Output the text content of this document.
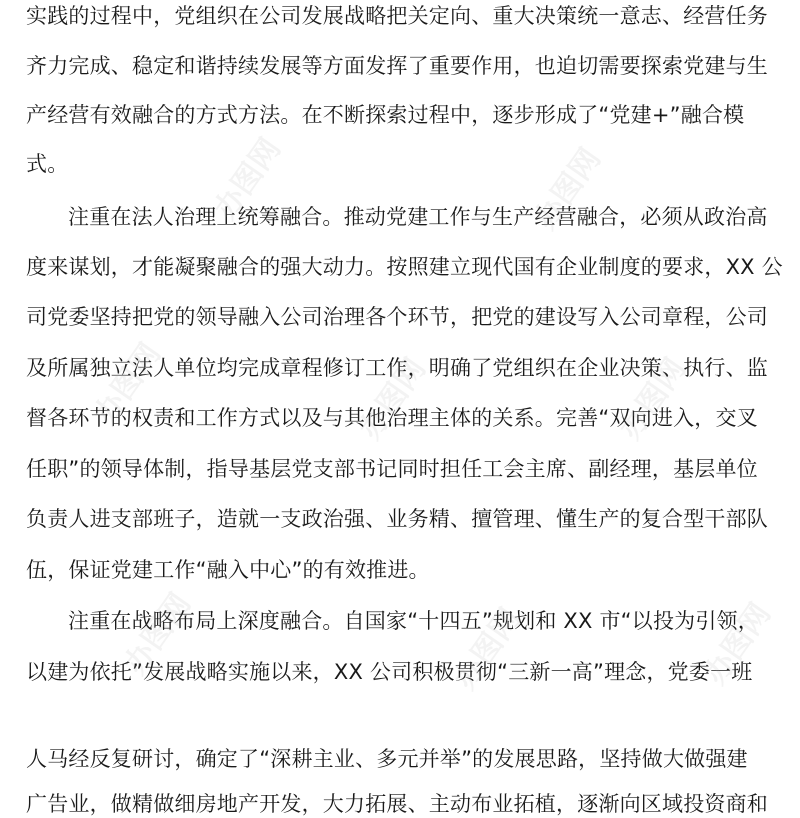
实践的过程中，党组织在公司发展战略把关定向、重大决策统一意志、经营任务
齐力完成、稳定和谐持续发展等方面发挥了重要作用，也迫切需要探索党建与生
产经营有效融合的方式方法。在不断探索过程中，逐步形成了“党建+”融合模
式。
注重在法人治理上统筹融合。推动党建工作与生产经营融合，必须从政治高
度来谋划，才能凝聚融合的强大动力。按照建立现代国有企业制度的要求，XX 公
司党委坚持把党的领导融入公司治理各个环节，把党的建设写入公司章程，公司
及所属独立法人单位均完成章程修订工作，明确了党组织在企业决策、执行、监
督各环节的权责和工作方式以及与其他治理主体的关系。完善“双向进入，交叉
任职”的领导体制，指导基层党支部书记同时担任工会主席、副经理，基层单位
负责人进支部班子，造就一支政治强、业务精、擅管理、懂生产的复合型干部队
伍，保证党建工作“融入中心”的有效推进。
注重在战略布局上深度融合。自国家“十四五”规划和 XX 市“以投为引领，
以建为依托”发展战略实施以来，XX 公司积极贯彻“三新一高”理念，党委一班
人马经反复研讨，确定了“深耕主业、多元并举”的发展思路，坚持做大做强建
广告业，做精做细房地产开发，大力拓展、主动布业拓植，逐渐向区域投资商和
办图网	办图网
办图网	办图网	办图网
办图网	办图网	办图网
